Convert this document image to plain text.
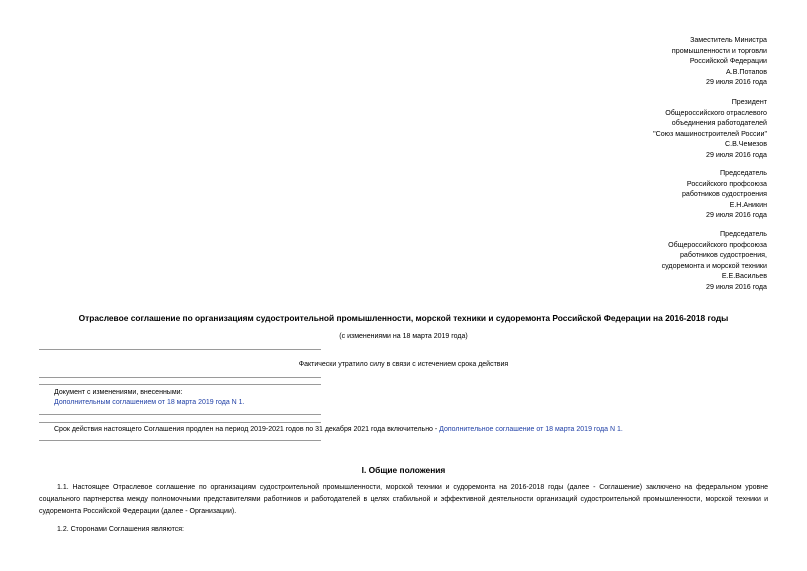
Заместитель Министра
промышленности и торговли
Российской Федерации
А.В.Потапов
29 июля 2016 года
Президент
Общероссийского отраслевого
объединения работодателей
"Союз машиностроителей России"
С.В.Чемезов
29 июля 2016 года
Председатель
Российского профсоюза
работников судостроения
Е.Н.Аникин
29 июля 2016 года
Председатель
Общероссийского профсоюза
работников судостроения,
судоремонта и морской техники
Е.Е.Васильев
29 июля 2016 года
Отраслевое соглашение по организациям судостроительной промышленности, морской техники и судоремонта Российской Федерации на 2016-2018 годы
(с изменениями на 18 марта 2019 года)
Фактически утратило силу в связи с истечением срока действия
Документ с изменениями, внесенными:
Дополнительным соглашением от 18 марта 2019 года N 1.
Срок действия настоящего Соглашения продлен на период 2019-2021 годов по 31 декабря 2021 года включительно - Дополнительное соглашение от 18 марта 2019 года N 1.
I. Общие положения
1.1. Настоящее Отраслевое соглашение по организациям судостроительной промышленности, морской техники и судоремонта на 2016-2018 годы (далее - Соглашение) заключено на федеральном уровне социального партнерства между полномочными представителями работников и работодателей в целях стабильной и эффективной деятельности организаций судостроительной промышленности, морской техники и судоремонта Российской Федерации (далее - Организации).
1.2. Сторонами Соглашения являются:
